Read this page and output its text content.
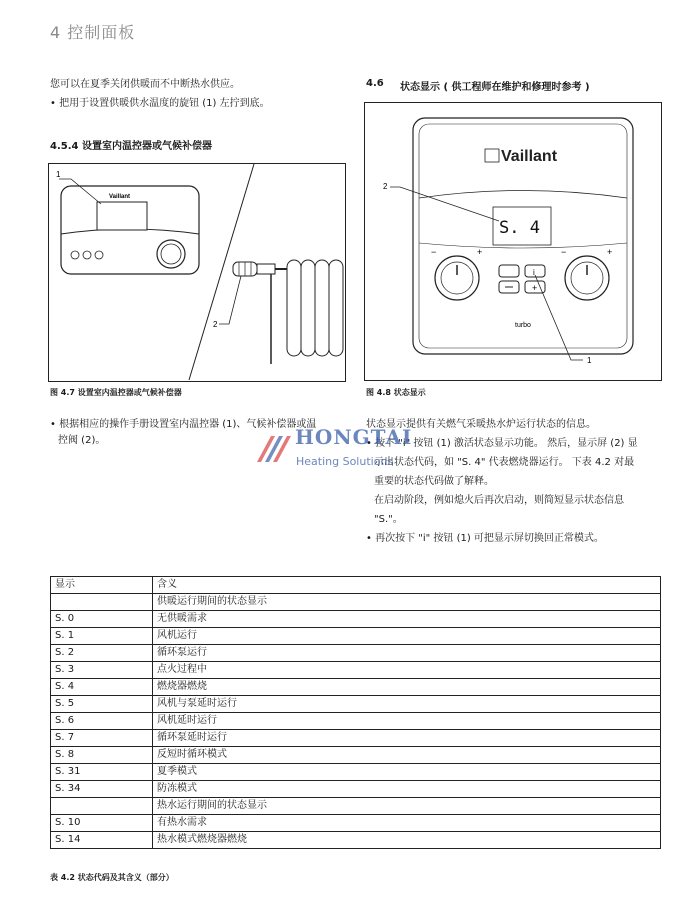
4 控制面板
您可以在夏季关闭供暖而不中断热水供应。
• 把用于设置供暖供水温度的旋钮 (1) 左拧到底。
4.5.4 设置室内温控器或气候补偿器
Vaillant
1
2
图 4.7 设置室内温控器或气候补偿器
• 根据相应的操作手册设置室内温控器 (1)、气候补偿器或温
控阀 (2)。
4.6 状态显示 ( 供工程师在维护和修理时参考 )
Vaillant
S. 4
i
+
−	+	−	+
turbo
2
1
图 4.8 状态显示
状态显示提供有关燃气采暖热水炉运行状态的信息。
• 按下 "i" 按钮 (1) 激活状态显示功能。 然后，显示屏 (2) 显
示出状态代码，如 "S. 4" 代表燃烧器运行。 下表 4.2 对最
重要的状态代码做了解释。
在启动阶段，例如熄火后再次启动，则简短显示状态信息
"S."。
• 再次按下 "i" 按钮 (1) 可把显示屏切换回正常模式。
HONGTAI
Heating Solutions
显示	含义
	供暖运行期间的状态显示
S. 0	无供暖需求
S. 1	风机运行
S. 2	循环泵运行
S. 3	点火过程中
S. 4	燃烧器燃烧
S. 5	风机与泵延时运行
S. 6	风机延时运行
S. 7	循环泵延时运行
S. 8	反短时循环模式
S. 31	夏季模式
S. 34	防冻模式
	热水运行期间的状态显示
S. 10	有热水需求
S. 14	热水模式燃烧器燃烧
表 4.2 状态代码及其含义（部分）
